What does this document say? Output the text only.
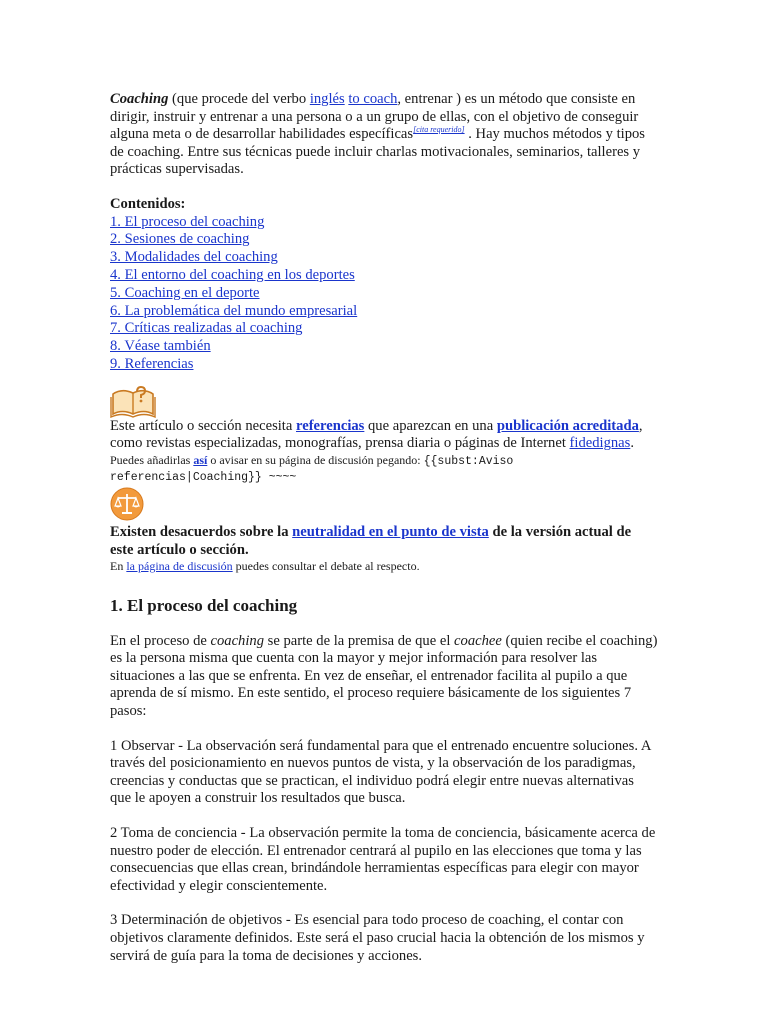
Coaching (que procede del verbo inglés to coach, entrenar ) es un método que consiste en dirigir, instruir y entrenar a una persona o a un grupo de ellas, con el objetivo de conseguir alguna meta o de desarrollar habilidades específicas[cita requerido] . Hay muchos métodos y tipos de coaching. Entre sus técnicas puede incluir charlas motivacionales, seminarios, talleres y prácticas supervisadas.

Contenidos:

1. El proceso del coaching
2. Sesiones de coaching
3. Modalidades del coaching
4. El entorno del coaching en los deportes
5. Coaching en el deporte
6. La problemática del mundo empresarial
7. Críticas realizadas al coaching
8. Véase también
9. Referencias

Este artículo o sección necesita referencias que aparezcan en una publicación acreditada, como revistas especializadas, monografías, prensa diaria o páginas de Internet fidedignas.

Puedes añadirlas así o avisar en su página de discusión pegando: {{subst:Aviso referencias|Coaching}} ~~~~

Existen desacuerdos sobre la neutralidad en el punto de vista de la versión actual de este artículo o sección.

En la página de discusión puedes consultar el debate al respecto.

1. El proceso del coaching

En el proceso de coaching se parte de la premisa de que el coachee (quien recibe el coaching) es la persona misma que cuenta con la mayor y mejor información para resolver las situaciones a las que se enfrenta. En vez de enseñar, el entrenador facilita al pupilo a que aprenda de sí mismo. En este sentido, el proceso requiere básicamente de los siguientes 7 pasos:

1 Observar - La observación será fundamental para que el entrenado encuentre soluciones. A través del posicionamiento en nuevos puntos de vista, y la observación de los paradigmas, creencias y conductas que se practican, el individuo podrá elegir entre nuevas alternativas que le apoyen a construir los resultados que busca.

2 Toma de conciencia - La observación permite la toma de conciencia, básicamente acerca de nuestro poder de elección. El entrenador centrará al pupilo en las elecciones que toma y las consecuencias que ellas crean, brindándole herramientas específicas para elegir con mayor efectividad y elegir conscientemente.

3 Determinación de objetivos - Es esencial para todo proceso de coaching, el contar con objetivos claramente definidos. Este será el paso crucial hacia la obtención de los mismos y servirá de guía para la toma de decisiones y acciones.
